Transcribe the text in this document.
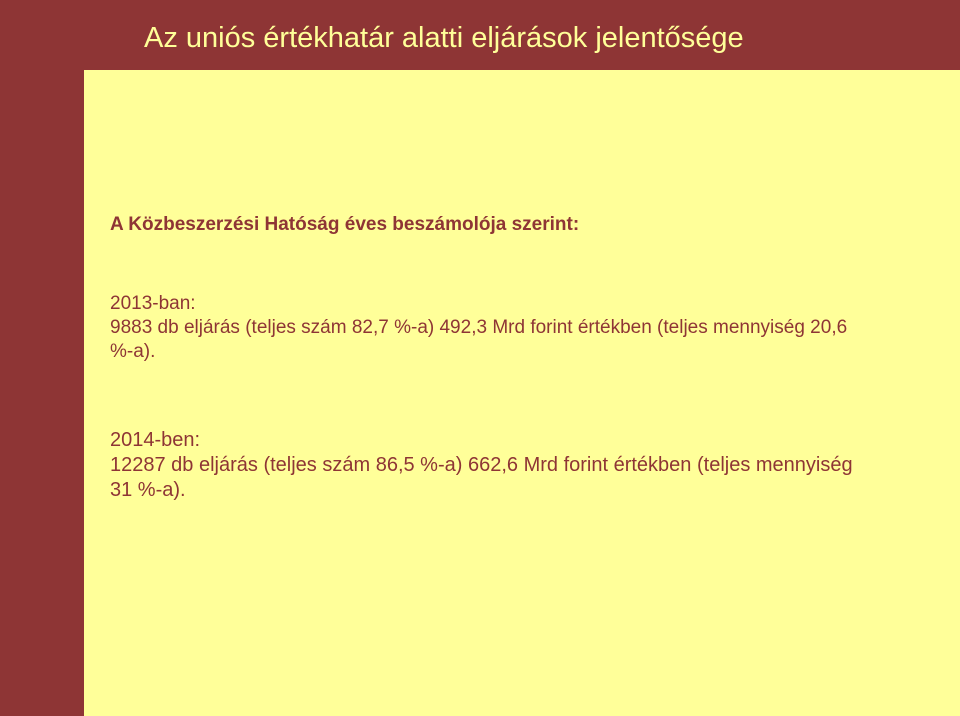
Az uniós értékhatár alatti eljárások jelentősége

A Közbeszerzési Hatóság éves beszámolója szerint:

2013-ban:
9883 db eljárás (teljes szám 82,7 %-a) 492,3 Mrd forint értékben (teljes mennyiség 20,6 %-a).
2014-ben:
12287 db eljárás (teljes szám 86,5 %-a) 662,6 Mrd forint értékben (teljes mennyiség 31 %-a).
